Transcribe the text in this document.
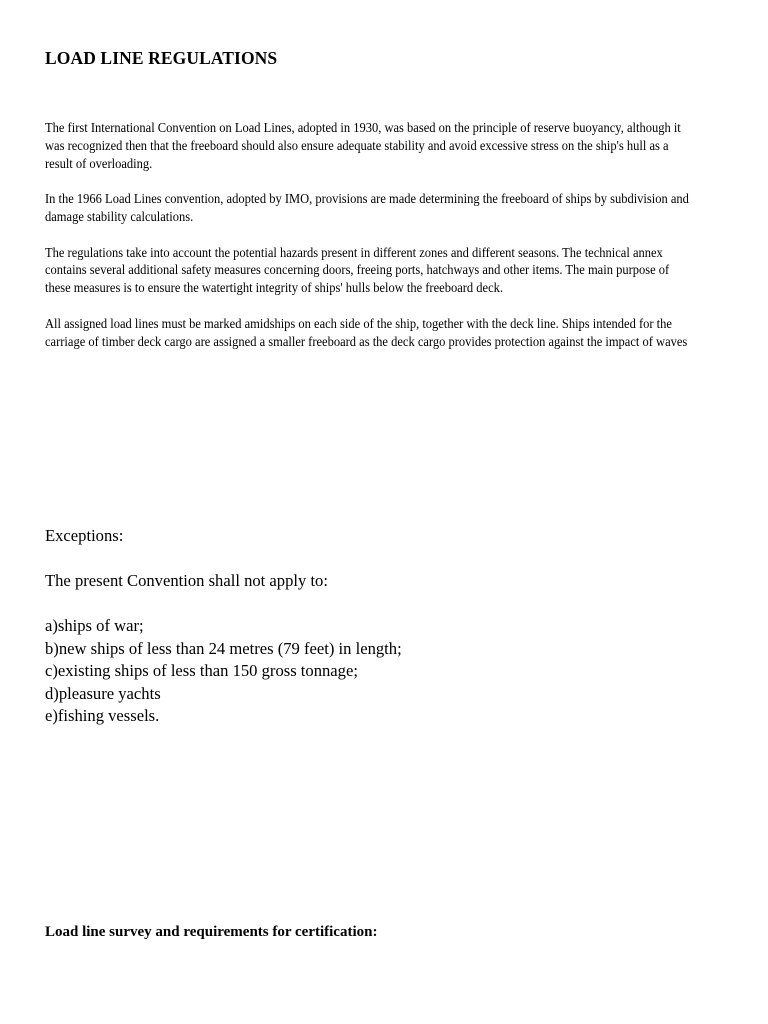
LOAD LINE REGULATIONS

The first International Convention on Load Lines, adopted in 1930, was based on the principle of reserve buoyancy, although it was recognized then that the freeboard should also ensure adequate stability and avoid excessive stress on the ship's hull as a result of overloading.

In the 1966 Load Lines convention, adopted by IMO, provisions are made determining the freeboard of ships by subdivision and damage stability calculations.

The regulations take into account the potential hazards present in different zones and different seasons. The technical annex contains several additional safety measures concerning doors, freeing ports, hatchways and other items. The main purpose of these measures is to ensure the watertight integrity of ships' hulls below the freeboard deck.

All assigned load lines must be marked amidships on each side of the ship, together with the deck line. Ships intended for the carriage of timber deck cargo are assigned a smaller freeboard as the deck cargo provides protection against the impact of waves

Exceptions:
The present Convention shall not apply to:
a)ships of war;
b)new ships of less than 24 metres (79 feet) in length;
c)existing ships of less than 150 gross tonnage;
d)pleasure yachts
e)fishing vessels.
Load line survey and requirements for certification:
